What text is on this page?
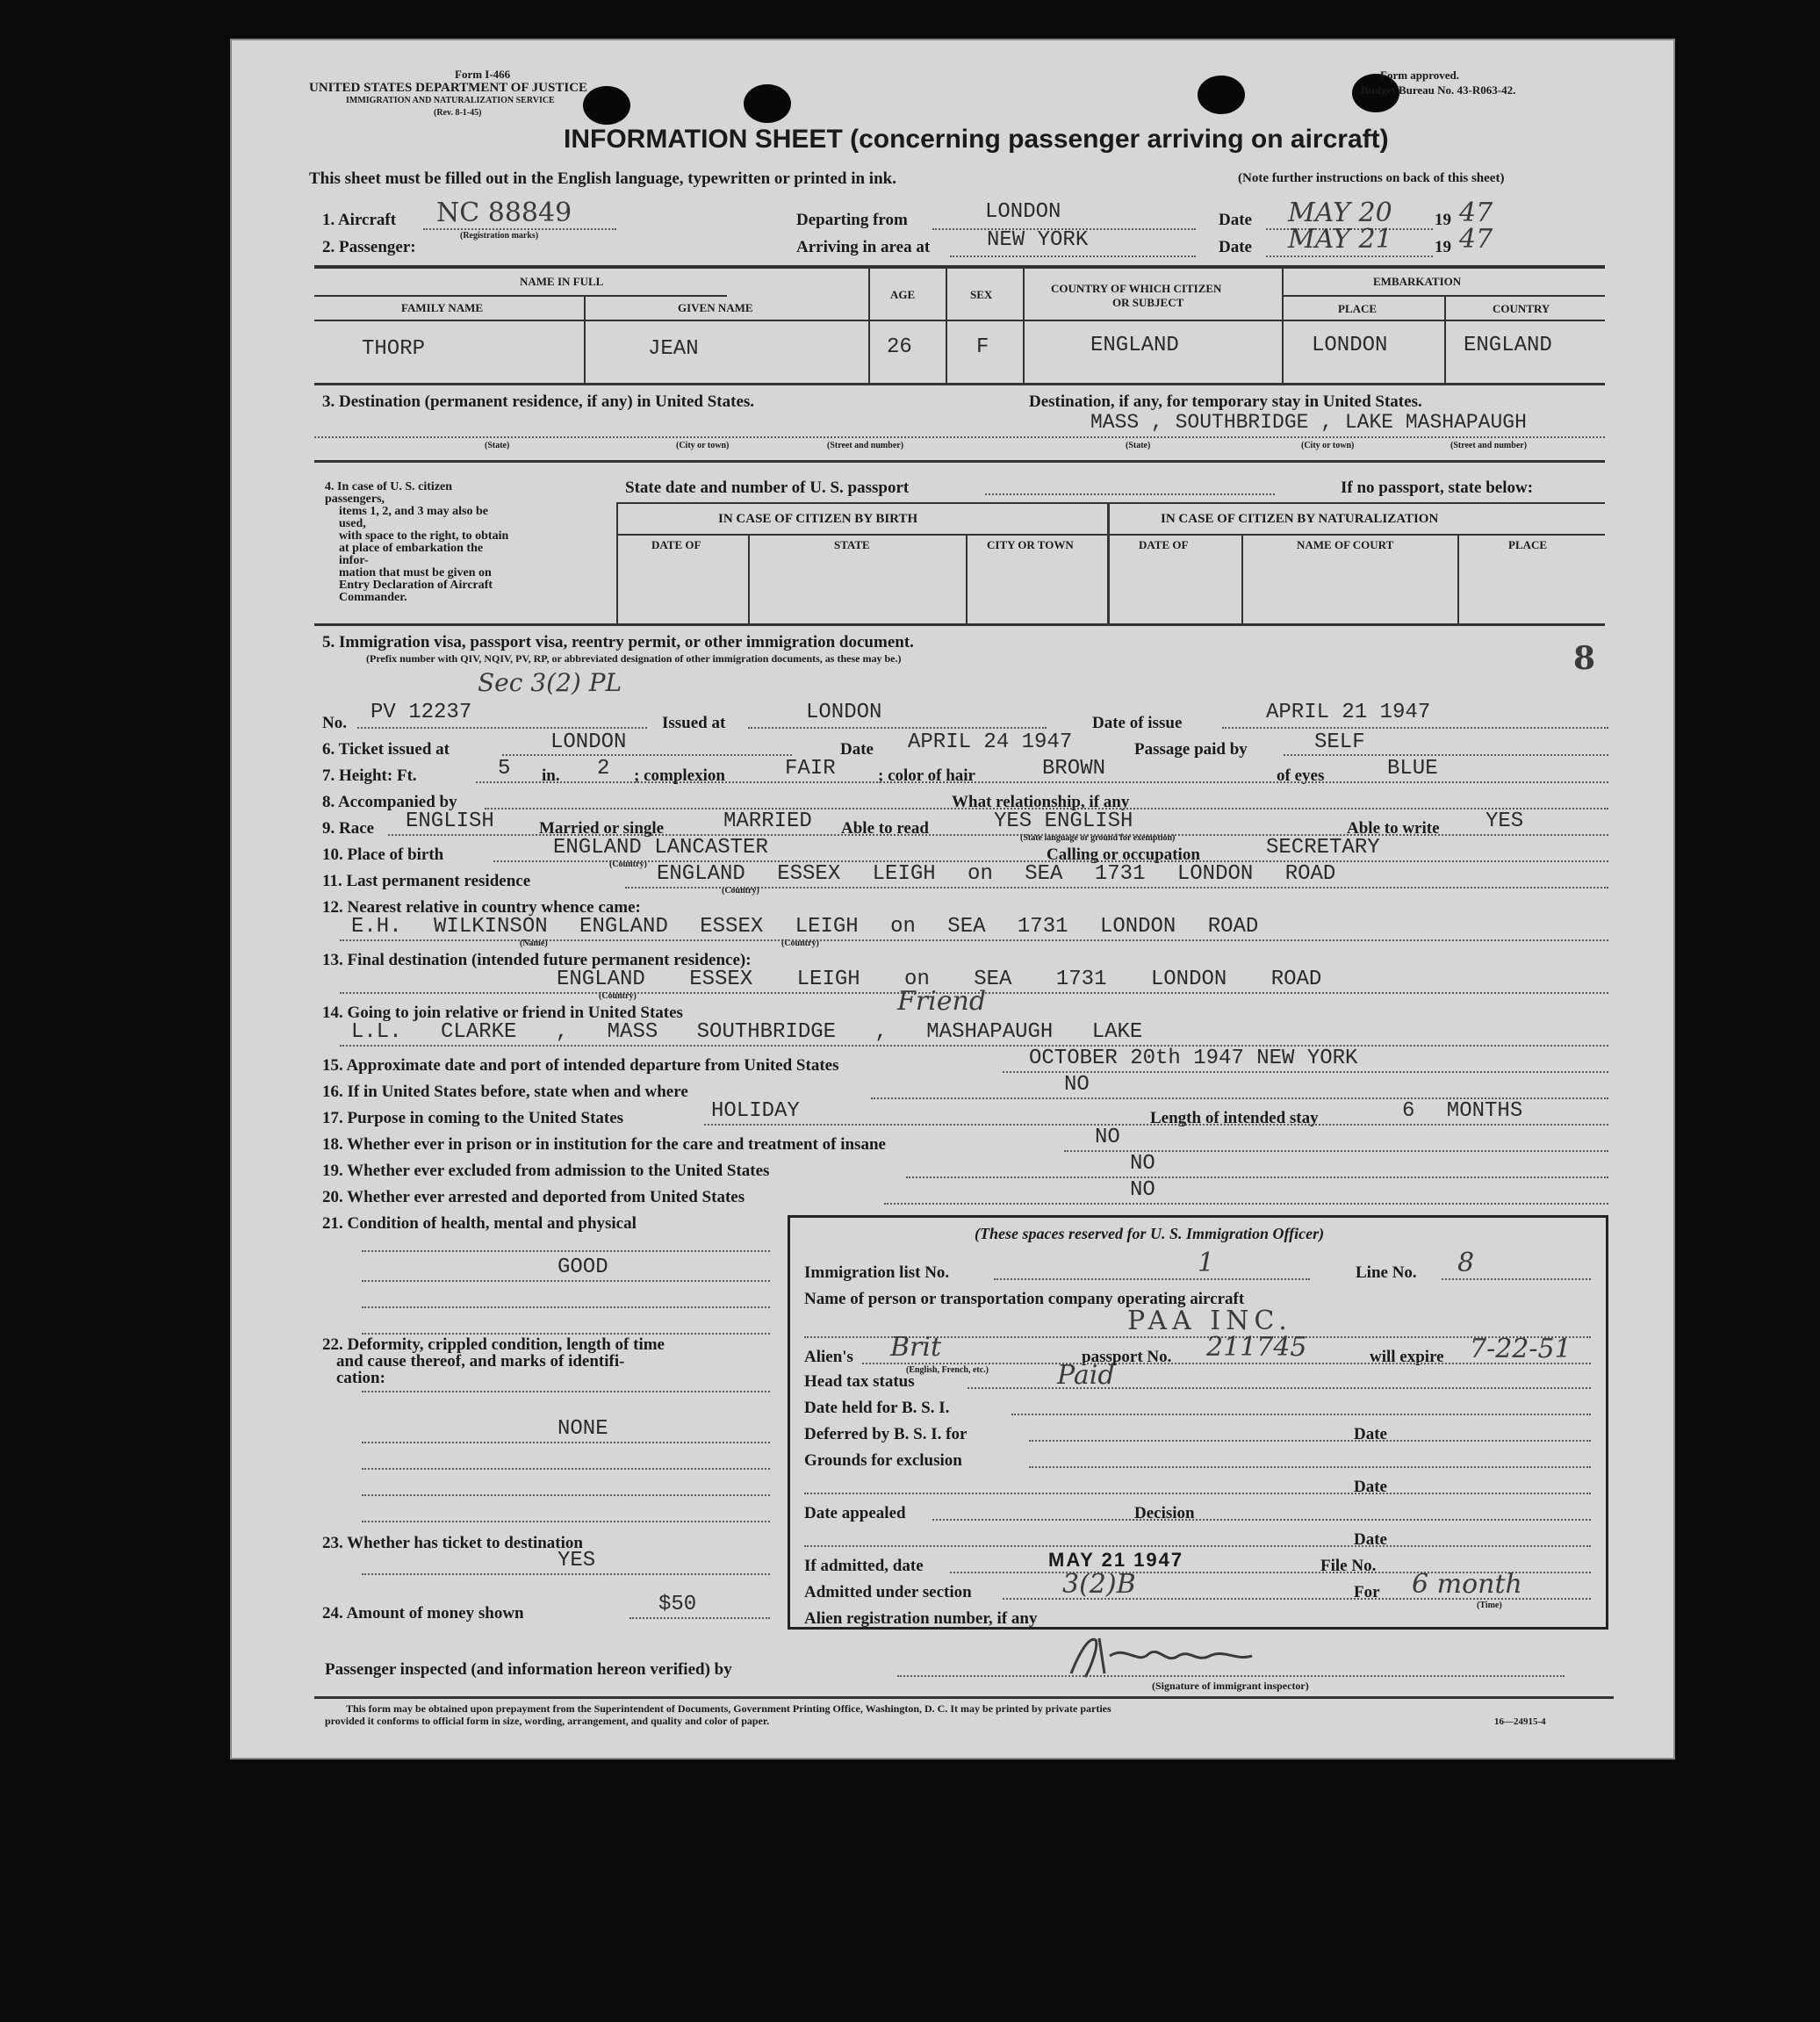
Form I-466
UNITED STATES DEPARTMENT OF JUSTICE
IMMIGRATION AND NATURALIZATION SERVICE
(Rev. 8-1-45)
Form approved.
Budget Bureau No. 43-R063-42.
INFORMATION SHEET (concerning passenger arriving on aircraft)
This sheet must be filled out in the English language, typewritten or printed in ink.	(Note further instructions on back of this sheet)
1. Aircraft NC 88849
(Registration marks)
2. Passenger:
Departing from	LONDON
Arriving in area at	NEW YORK
Date MAY 20	19 47
Date MAY 21	19 47
NAME IN FULL
FAMILY NAME	GIVEN NAME
AGE	SEX	COUNTRY OF WHICH CITIZEN
OR SUBJECT
EMBARKATION
PLACE	COUNTRY
THORP	JEAN	26	F	ENGLAND	LONDON	ENGLAND
3. Destination (permanent residence, if any) in United States.	Destination, if any, for temporary stay in United States.
MASS , SOUTHBRIDGE , LAKE MASHAPAUGH
(State)	(City or town)	(Street and number)	(State)	(City or town)	(Street and number)
4. In case of U. S. citizen passengers,
items 1, 2, and 3 may also be used,
with space to the right, to obtain
at place of embarkation the infor-
mation that must be given on
Entry Declaration of Aircraft
Commander.
State date and number of U. S. passport	If no passport, state below:
IN CASE OF CITIZEN BY BIRTH	IN CASE OF CITIZEN BY NATURALIZATION
DATE OF	STATE	CITY OR TOWN	DATE OF	NAME OF COURT	PLACE
5. Immigration visa, passport visa, reentry permit, or other immigration document.
(Prefix number with QIV, NQIV, PV, RP, or abbreviated designation of other immigration documents, as these may be.)
Sec 3(2) PL
8
No. PV 12237	Issued at	LONDON	Date of issue	APRIL 21 1947
6. Ticket issued at	LONDON	Date APRIL 24 1947	Passage paid by	SELF
7. Height: Ft.	5 in. 2 ; complexion	FAIR	; color of hair	BROWN	of eyes	BLUE
8. Accompanied by	What relationship, if any
9. Race ENGLISH	Married or single	MARRIED Able to read	YES ENGLISH
(State language or ground for exemption)
Able to write YES
10. Place of birth	ENGLAND LANCASTER
(Country)
Calling or occupation	SECRETARY
11. Last permanent residence	ENGLAND ESSEX LEIGH on SEA 1731 LONDON ROAD
(Country)
12. Nearest relative in country whence came:
E.H. WILKINSON ENGLAND ESSEX LEIGH on SEA 1731 LONDON ROAD
(Name)	(Country)
13. Final destination (intended future permanent residence):
ENGLAND ESSEX LEIGH on SEA 1731 LONDON ROAD
(Country)
14. Going to join relative or friend in United States	Friend
L.L. CLARKE , MASS SOUTHBRIDGE , MASHAPAUGH LAKE
15. Approximate date and port of intended departure from United States	OCTOBER 20th 1947 NEW YORK
16. If in United States before, state when and where	NO
17. Purpose in coming to the United States	HOLIDAY	Length of intended stay	6 MONTHS
18. Whether ever in prison or in institution for the care and treatment of insane	NO
19. Whether ever excluded from admission to the United States	NO
20. Whether ever arrested and deported from United States	NO
21. Condition of health, mental and physical
GOOD
22. Deformity, crippled condition, length of time
and cause thereof, and marks of identifi-
cation:
NONE
23. Whether has ticket to destination
YES
24. Amount of money shown	$50
(These spaces reserved for U. S. Immigration Officer)
Immigration list No.	1	Line No. 8
Name of person or transportation company operating aircraft
PAA INC.
Alien's Brit
(English, French, etc.)
passport No. 211745	will expire 7-22-51
Head tax status	Paid
Date held for B. S. I.
Deferred by B. S. I. for	Date
Grounds for exclusion
Date
Date appealed	Decision
Date
If admitted, date	MAY 21 1947	File No.
Admitted under section	3(2)B	For 6 month
(Time)
Alien registration number, if any
Passenger inspected (and information hereon verified) by
(Signature of immigrant inspector)
This form may be obtained upon prepayment from the Superintendent of Documents, Government Printing Office, Washington, D. C. It may be printed by private parties
provided it conforms to official form in size, wording, arrangement, and quality and color of paper.	16—24915-4
